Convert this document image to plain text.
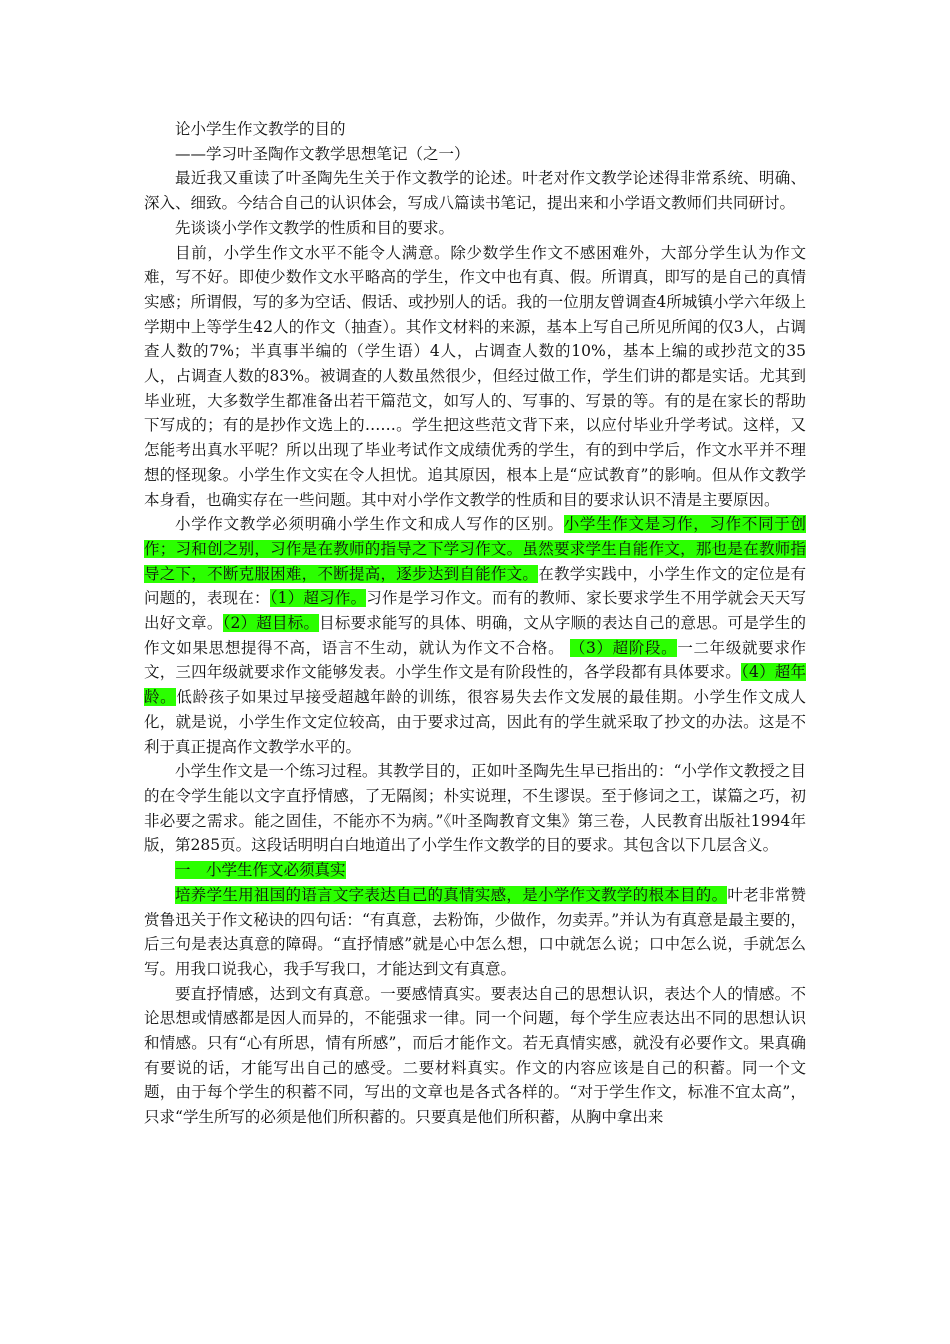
论小学生作文教学的目的

——学习叶圣陶作文教学思想笔记（之一）

最近我又重读了叶圣陶先生关于作文教学的论述。叶老对作文教学论述得非常系统、明确、深入、细致。今结合自己的认识体会，写成八篇读书笔记，提出来和小学语文教师们共同研讨。

先谈谈小学作文教学的性质和目的要求。

目前，小学生作文水平不能令人满意。除少数学生作文不感困难外，大部分学生认为作文难，写不好。即使少数作文水平略高的学生，作文中也有真、假。所谓真，即写的是自己的真情实感；所谓假，写的多为空话、假话、或抄别人的话。我的一位朋友曾调查4所城镇小学六年级上学期中上等学生42人的作文（抽查）。其作文材料的来源，基本上写自己所见所闻的仅3人，占调查人数的7%；半真事半编的（学生语）4人，占调查人数的10%，基本上编的或抄范文的35人，占调查人数的83%。被调查的人数虽然很少，但经过做工作，学生们讲的都是实话。尤其到毕业班，大多数学生都准备出若干篇范文，如写人的、写事的、写景的等。有的是在家长的帮助下写成的；有的是抄作文选上的……。学生把这些范文背下来，以应付毕业升学考试。这样，又怎能考出真水平呢？所以出现了毕业考试作文成绩优秀的学生，有的到中学后，作文水平并不理想的怪现象。小学生作文实在令人担忧。追其原因，根本上是“应试教育”的影响。但从作文教学本身看，也确实存在一些问题。其中对小学作文教学的性质和目的要求认识不清是主要原因。

小学作文教学必须明确小学生作文和成人写作的区别。小学生作文是习作，习作不同于创作；习和创之别，习作是在教师的指导之下学习作文。虽然要求学生自能作文，那也是在教师指导之下，不断克服困难，不断提高，逐步达到自能作文。在教学实践中，小学生作文的定位是有问题的，表现在：（1）超习作。习作是学习作文。而有的教师、家长要求学生不用学就会天天写出好文章。（2）超目标。目标要求能写的具体、明确，文从字顺的表达自己的意思。可是学生的作文如果思想提得不高，语言不生动，就认为作文不合格。 （3）超阶段。一二年级就要求作文，三四年级就要求作文能够发表。小学生作文是有阶段性的，各学段都有具体要求。（4）超年龄。低龄孩子如果过早接受超越年龄的训练，很容易失去作文发展的最佳期。小学生作文成人化，就是说，小学生作文定位较高，由于要求过高，因此有的学生就采取了抄文的办法。这是不利于真正提高作文教学水平的。

小学生作文是一个练习过程。其教学目的，正如叶圣陶先生早已指出的：“小学作文教授之目的在令学生能以文字直抒情感，了无隔阂；朴实说理，不生谬误。至于修词之工，谋篇之巧，初非必要之需求。能之固佳，不能亦不为病。”《叶圣陶教育文集》第三卷，人民教育出版社1994年版，第285页。这段话明明白白地道出了小学生作文教学的目的要求。其包含以下几层含义。

一　小学生作文必须真实

培养学生用祖国的语言文字表达自己的真情实感，是小学作文教学的根本目的。叶老非常赞赏鲁迅关于作文秘诀的四句话：“有真意，去粉饰，少做作，勿卖弄。”并认为有真意是最主要的，后三句是表达真意的障碍。“直抒情感”就是心中怎么想，口中就怎么说；口中怎么说，手就怎么写。用我口说我心，我手写我口，才能达到文有真意。

要直抒情感，达到文有真意。一要感情真实。要表达自己的思想认识，表达个人的情感。不论思想或情感都是因人而异的，不能强求一律。同一个问题，每个学生应表达出不同的思想认识和情感。只有“心有所思，情有所感”，而后才能作文。若无真情实感，就没有必要作文。果真确有要说的话，才能写出自己的感受。二要材料真实。作文的内容应该是自己的积蓄。同一个文题，由于每个学生的积蓄不同，写出的文章也是各式各样的。“对于学生作文，标准不宜太高”，只求“学生所写的必须是他们所积蓄的。只要真是他们所积蓄，从胸中拿出来
